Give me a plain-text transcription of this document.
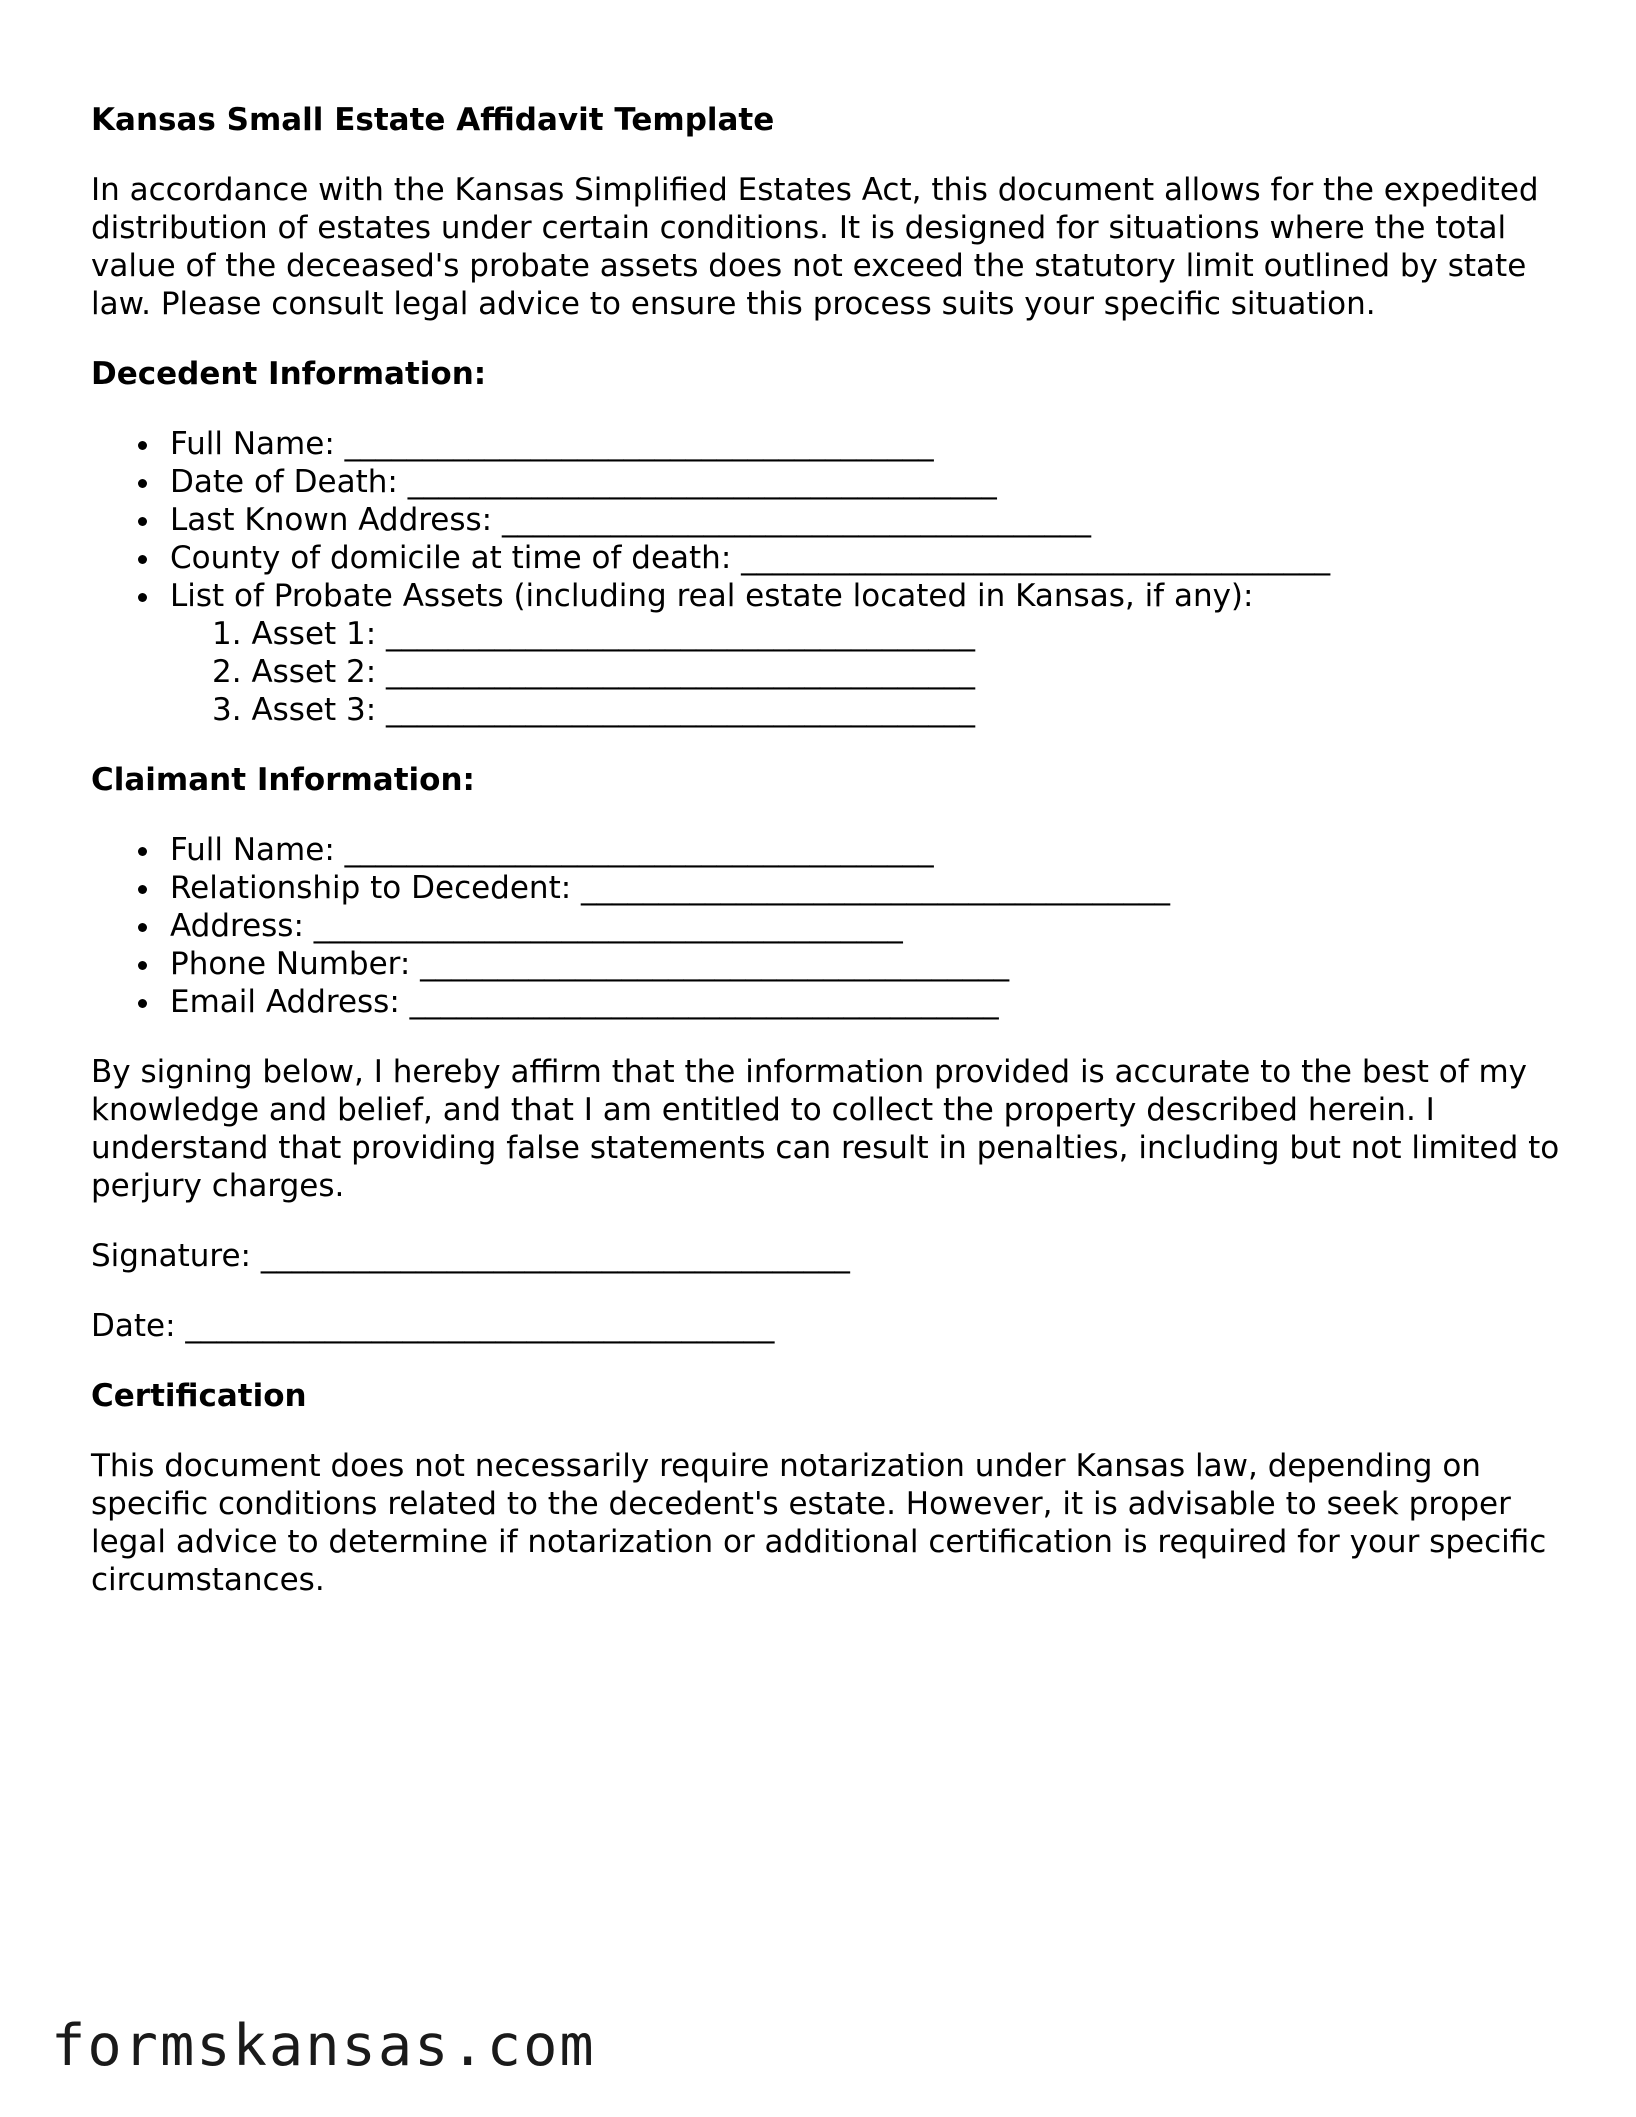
Kansas Small Estate Affidavit Template

In accordance with the Kansas Simplified Estates Act, this document allows for the expedited distribution of estates under certain conditions. It is designed for situations where the total value of the deceased's probate assets does not exceed the statutory limit outlined by state law. Please consult legal advice to ensure this process suits your specific situation.

Decedent Information:
Full Name: ______________________________________
Date of Death: ______________________________________
Last Known Address: ______________________________________
County of domicile at time of death: ______________________________________
List of Probate Assets (including real estate located in Kansas, if any):
1. Asset 1: ______________________________________
2. Asset 2: ______________________________________
3. Asset 3: ______________________________________
Claimant Information:
Full Name: ______________________________________
Relationship to Decedent: ______________________________________
Address: ______________________________________
Phone Number: ______________________________________
Email Address: ______________________________________

By signing below, I hereby affirm that the information provided is accurate to the best of my knowledge and belief, and that I am entitled to collect the property described herein. I understand that providing false statements can result in penalties, including but not limited to perjury charges.

Signature: ______________________________________

Date: ______________________________________

Certification

This document does not necessarily require notarization under Kansas law, depending on specific conditions related to the decedent's estate. However, it is advisable to seek proper legal advice to determine if notarization or additional certification is required for your specific circumstances.

formskansas.com
